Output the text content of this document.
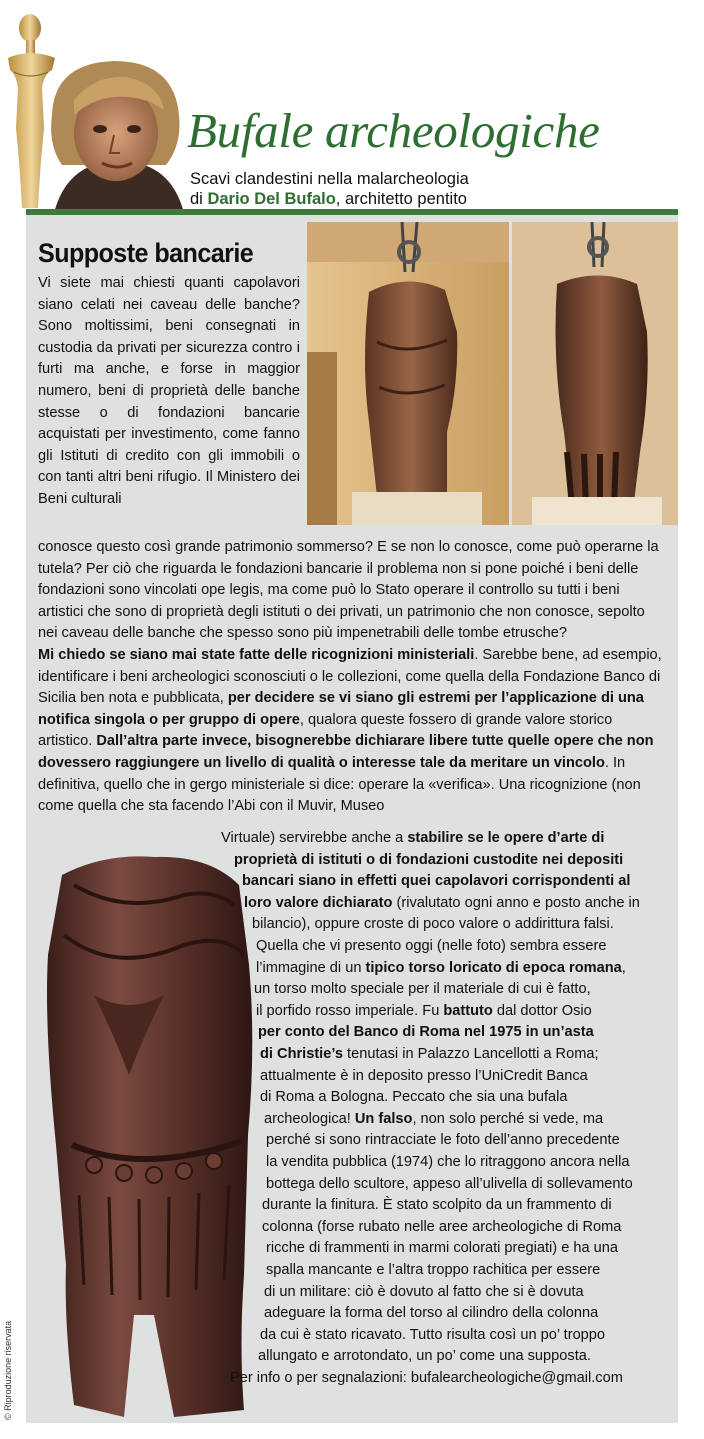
Bufale archeologiche
Scavi clandestini nella malarcheologia
di Dario Del Bufalo, architetto pentito
Supposte bancarie

Vi siete mai chiesti quanti capolavori siano celati nei caveau delle banche? Sono moltissimi, beni consegnati in custodia da privati per sicurezza contro i furti ma anche, e forse in maggior numero, beni di proprietà delle banche stesse o di fondazioni bancarie acquistati per investimento, come fanno gli Istituti di credito con gli immobili o con tanti altri beni rifugio. Il Ministero dei Beni culturali

conosce questo così grande patrimonio sommerso? E se non lo conosce, come può operarne la tutela? Per ciò che riguarda le fondazioni bancarie il problema non si pone poiché i beni delle fondazioni sono vincolati ope legis, ma come può lo Stato operare il controllo su tutti i beni artistici che sono di proprietà degli istituti o dei privati, un patrimonio che non conosce, sepolto nei caveau delle banche che spesso sono più impenetrabili delle tombe etrusche?

Mi chiedo se siano mai state fatte delle ricognizioni ministeriali. Sarebbe bene, ad esempio, identificare i beni archeologici sconosciuti o le collezioni, come quella della Fondazione Banco di Sicilia ben nota e pubblicata, per decidere se vi siano gli estremi per l’applicazione di una notifica singola o per gruppo di opere, qualora queste fossero di grande valore storico artistico. Dall’altra parte invece, bisognerebbe dichiarare libere tutte quelle opere che non dovessero raggiungere un livello di qualità o interesse tale da meritare un vincolo. In definitiva, quello che in gergo ministeriale si dice: operare la «verifica». Una ricognizione (non come quella che sta facendo l’Abi con il Muvir, Museo

Virtuale) servirebbe anche a stabilire se le opere d’arte di
proprietà di istituti o di fondazioni custodite nei depositi
bancari siano in effetti quei capolavori corrispondenti al
loro valore dichiarato (rivalutato ogni anno e posto anche in
bilancio), oppure croste di poco valore o addirittura falsi.
Quella che vi presento oggi (nelle foto) sembra essere
l’immagine di un tipico torso loricato di epoca romana,
un torso molto speciale per il materiale di cui è fatto,
il porfido rosso imperiale. Fu battuto dal dottor Osio
per conto del Banco di Roma nel 1975 in un’asta
di Christie’s tenutasi in Palazzo Lancellotti a Roma;
attualmente è in deposito presso l’UniCredit Banca
di Roma a Bologna. Peccato che sia una bufala
archeologica! Un falso, non solo perché si vede, ma
perché si sono rintracciate le foto dell’anno precedente
la vendita pubblica (1974) che lo ritraggono ancora nella
bottega dello scultore, appeso all’ulivella di sollevamento
durante la finitura. È stato scolpito da un frammento di
colonna (forse rubato nelle aree archeologiche di Roma
ricche di frammenti in marmi colorati pregiati) e ha una
spalla mancante e l’altra troppo rachitica per essere
di un militare: ciò è dovuto al fatto che si è dovuta
adeguare la forma del torso al cilindro della colonna
da cui è stato ricavato. Tutto risulta così un po’ troppo
allungato e arrotondato, un po’ come una supposta.
Per info o per segnalazioni: bufalearcheologiche@gmail.com
© Riproduzione riservata
